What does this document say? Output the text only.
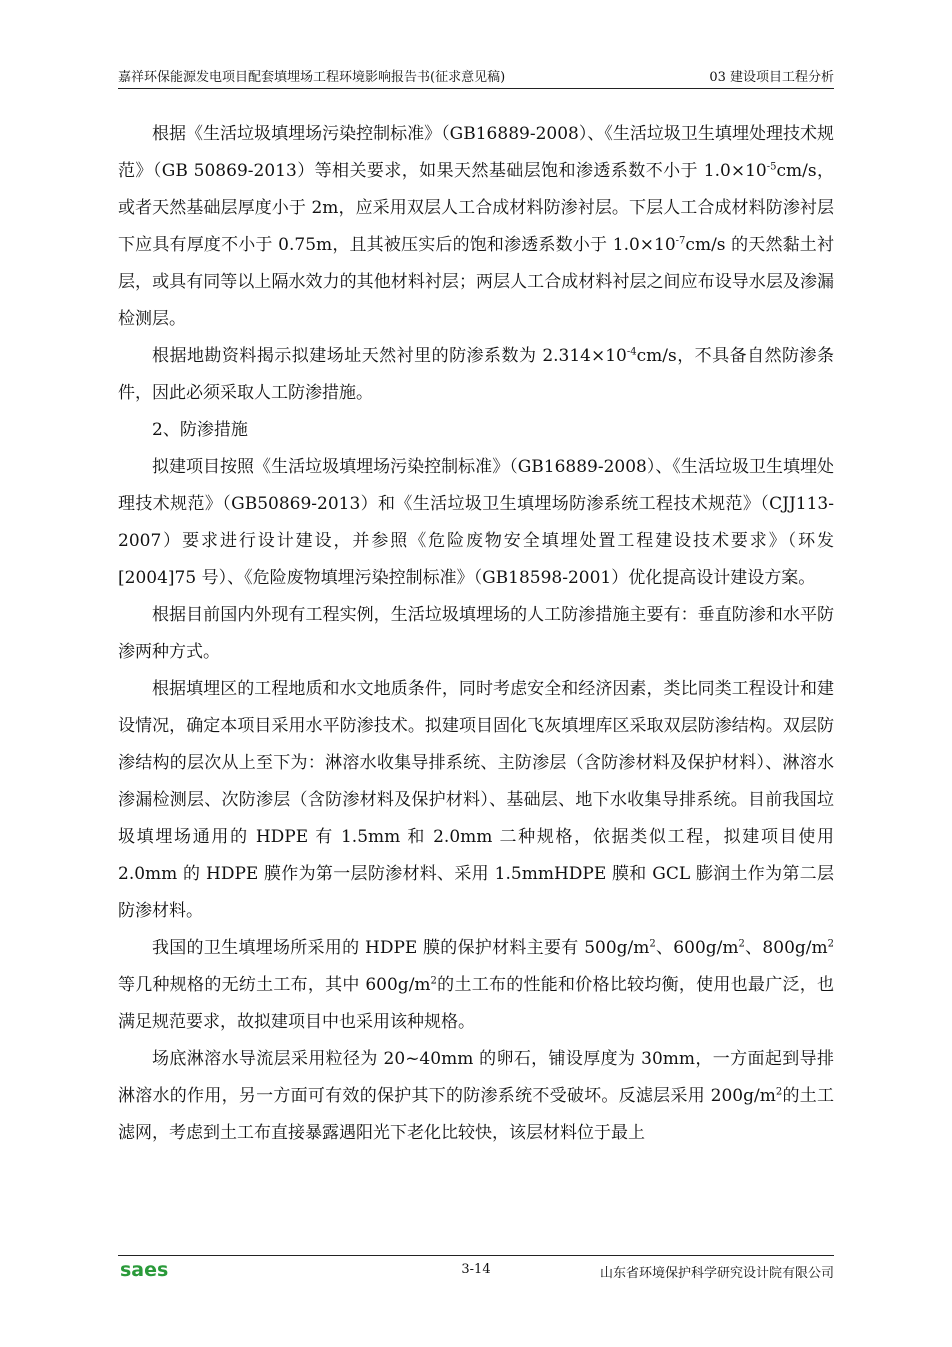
嘉祥环保能源发电项目配套填埋场工程环境影响报告书(征求意见稿)	03 建设项目工程分析

根据《生活垃圾填埋场污染控制标准》（GB16889-2008）、《生活垃圾卫生填埋处理技术规范》（GB 50869-2013）等相关要求，如果天然基础层饱和渗透系数不小于 $1.0\times 10^{-5}cm/s$，或者天然基础层厚度小于 2m，应采用双层人工合成材料防渗衬层。下层人工合成材料防渗衬层下应具有厚度不小于 0.75m，且其被压实后的饱和渗透系数小于 $1.0\times 10^{-7}cm/s$ 的天然黏土衬层，或具有同等以上隔水效力的其他材料衬层；两层人工合成材料衬层之间应布设导水层及渗漏检测层。

根据地勘资料揭示拟建场址天然衬里的防渗系数为 $2.314\times 10^{-4}cm/s$，不具备自然防渗条件，因此必须采取人工防渗措施。

2、防渗措施

拟建项目按照《生活垃圾填埋场污染控制标准》（GB16889-2008）、《生活垃圾卫生填埋处理技术规范》（GB50869-2013）和《生活垃圾卫生填埋场防渗系统工程技术规范》（CJJ113-2007）要求进行设计建设，并参照《危险废物安全填埋处置工程建设技术要求》（环发[2004]75 号）、《危险废物填埋污染控制标准》（GB18598-2001）优化提高设计建设方案。

根据目前国内外现有工程实例，生活垃圾填埋场的人工防渗措施主要有：垂直防渗和水平防渗两种方式。

根据填埋区的工程地质和水文地质条件，同时考虑安全和经济因素，类比同类工程设计和建设情况，确定本项目采用水平防渗技术。拟建项目固化飞灰填埋库区采取双层防渗结构。双层防渗结构的层次从上至下为：淋溶水收集导排系统、主防渗层（含防渗材料及保护材料）、淋溶水渗漏检测层、次防渗层（含防渗材料及保护材料）、基础层、地下水收集导排系统。目前我国垃圾填埋场通用的 HDPE 有 1.5mm 和 2.0mm 二种规格，依据类似工程，拟建项目使用 2.0mm 的 HDPE 膜作为第一层防渗材料、采用 1.5mmHDPE 膜和 GCL 膨润土作为第二层防渗材料。

我国的卫生填埋场所采用的 HDPE 膜的保护材料主要有 $500g/m^2$、$600g/m^2$、$800g/m^2$等几种规格的无纺土工布，其中 $600g/m^2$的土工布的性能和价格比较均衡，使用也最广泛，也满足规范要求，故拟建项目中也采用该种规格。

场底淋溶水导流层采用粒径为 20~40mm 的卵石，铺设厚度为 30mm，一方面起到导排淋溶水的作用，另一方面可有效的保护其下的防渗系统不受破坏。反滤层采用 $200g/m^2$的土工滤网，考虑到土工布直接暴露遇阳光下老化比较快，该层材料位于最上

saes	3-14	山东省环境保护科学研究设计院有限公司
